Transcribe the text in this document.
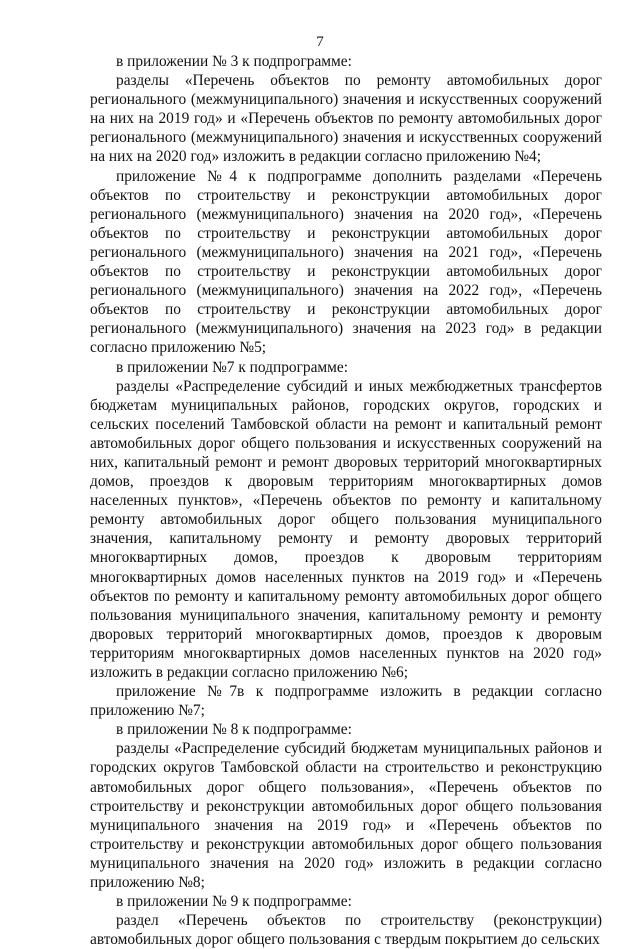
7

в приложении № 3 к подпрограмме:

разделы «Перечень объектов по ремонту автомобильных дорог регионального (межмуниципального) значения и искусственных сооружений на них на 2019 год» и «Перечень объектов по ремонту автомобильных дорог регионального (межмуниципального) значения и искусственных сооружений на них на 2020 год» изложить в редакции согласно приложению №4;

приложение №4 к подпрограмме дополнить разделами «Перечень объектов по строительству и реконструкции автомобильных дорог регионального (межмуниципального) значения на 2020 год», «Перечень объектов по строительству и реконструкции автомобильных дорог регионального (межмуниципального) значения на 2021 год», «Перечень объектов по строительству и реконструкции автомобильных дорог регионального (межмуниципального) значения на 2022 год», «Перечень объектов по строительству и реконструкции автомобильных дорог регионального (межмуниципального) значения на 2023 год» в редакции согласно приложению №5;

в приложении №7 к подпрограмме:

разделы «Распределение субсидий и иных межбюджетных трансфертов бюджетам муниципальных районов, городских округов, городских и сельских поселений Тамбовской области на ремонт и капитальный ремонт автомобильных дорог общего пользования и искусственных сооружений на них, капитальный ремонт и ремонт дворовых территорий многоквартирных домов, проездов к дворовым территориям многоквартирных домов населенных пунктов», «Перечень объектов по ремонту и капитальному ремонту автомобильных дорог общего пользования муниципального значения, капитальному ремонту и ремонту дворовых территорий многоквартирных домов, проездов к дворовым территориям многоквартирных домов населенных пунктов на 2019 год» и «Перечень объектов по ремонту и капитальному ремонту автомобильных дорог общего пользования муниципального значения, капитальному ремонту и ремонту дворовых территорий многоквартирных домов, проездов к дворовым территориям многоквартирных домов населенных пунктов на 2020 год» изложить в редакции согласно приложению №6;

приложение №7в к подпрограмме изложить в редакции согласно приложению №7;

в приложении № 8 к подпрограмме:

разделы «Распределение субсидий бюджетам муниципальных районов и городских округов Тамбовской области на строительство и реконструкцию автомобильных дорог общего пользования», «Перечень объектов по строительству и реконструкции автомобильных дорог общего пользования муниципального значения на 2019 год» и «Перечень объектов по строительству и реконструкции автомобильных дорог общего пользования муниципального значения на 2020 год» изложить в редакции согласно приложению №8;

в приложении № 9 к подпрограмме:

раздел «Перечень объектов по строительству (реконструкции) автомобильных дорог общего пользования с твердым покрытием до сельских
